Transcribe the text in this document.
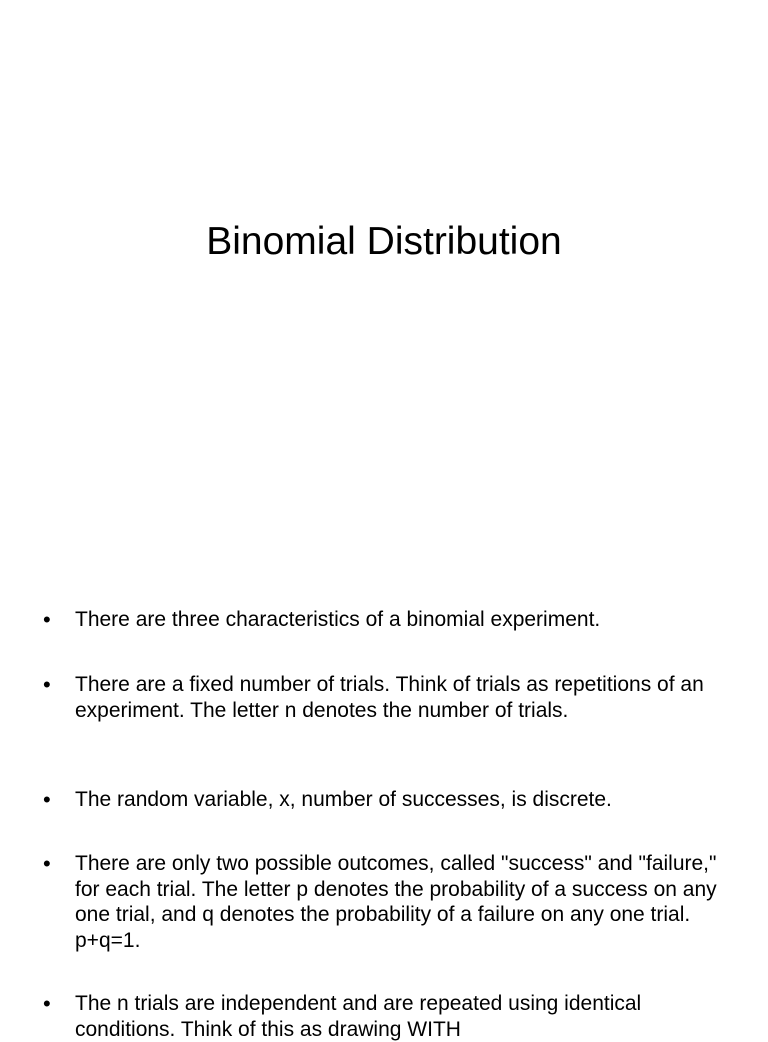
Binomial Distribution
• There are three characteristics of a binomial experiment.
• There are a fixed number of trials. Think of trials as repetitions of an experiment. The letter n denotes the number of trials.
• The random variable, x, number of successes, is discrete.
• There are only two possible outcomes, called "success" and "failure," for each trial. The letter p denotes the probability of a success on any one trial, and q denotes the probability of a failure on any one trial. p+q=1.
• The n trials are independent and are repeated using identical conditions. Think of this as drawing WITH
